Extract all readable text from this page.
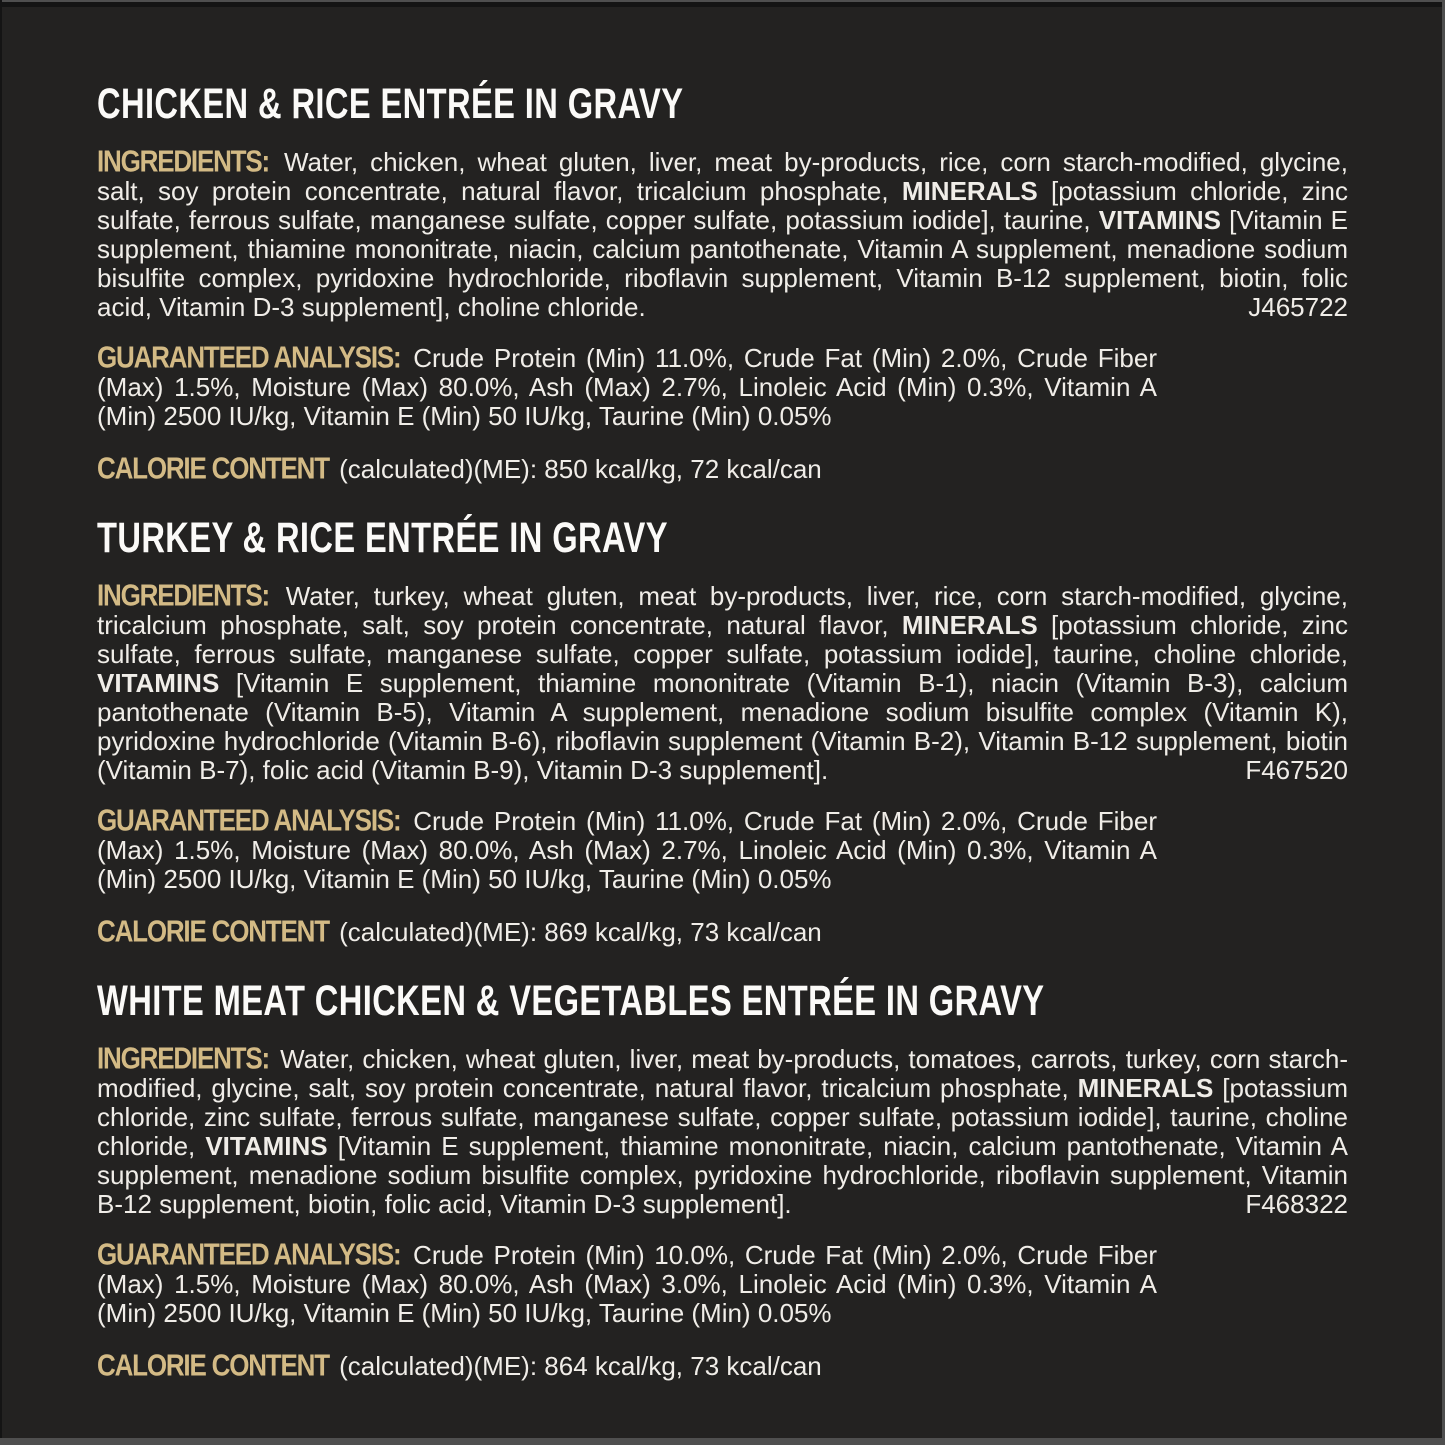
CHICKEN & RICE ENTRÉE IN GRAVY

INGREDIENTS: Water, chicken, wheat gluten, liver, meat by-products, rice, corn starch-modified, glycine, salt, soy protein concentrate, natural flavor, tricalcium phosphate, MINERALS [potassium chloride, zinc sulfate, ferrous sulfate, manganese sulfate, copper sulfate, potassium iodide], taurine, VITAMINS [Vitamin E supplement, thiamine mononitrate, niacin, calcium pantothenate, Vitamin A supplement, menadione sodium bisulfite complex, pyridoxine hydrochloride, riboflavin supplement, Vitamin B-12 supplement, biotin, folic acid, Vitamin D-3 supplement], choline chloride.	J465722

GUARANTEED ANALYSIS: Crude Protein (Min) 11.0%, Crude Fat (Min) 2.0%, Crude Fiber (Max) 1.5%, Moisture (Max) 80.0%, Ash (Max) 2.7%, Linoleic Acid (Min) 0.3%, Vitamin A (Min) 2500 IU/kg, Vitamin E (Min) 50 IU/kg, Taurine (Min) 0.05%

CALORIE CONTENT (calculated)(ME): 850 kcal/kg, 72 kcal/can

TURKEY & RICE ENTRÉE IN GRAVY

INGREDIENTS: Water, turkey, wheat gluten, meat by-products, liver, rice, corn starch-modified, glycine, tricalcium phosphate, salt, soy protein concentrate, natural flavor, MINERALS [potassium chloride, zinc sulfate, ferrous sulfate, manganese sulfate, copper sulfate, potassium iodide], taurine, choline chloride, VITAMINS [Vitamin E supplement, thiamine mononitrate (Vitamin B-1), niacin (Vitamin B-3), calcium pantothenate (Vitamin B-5), Vitamin A supplement, menadione sodium bisulfite complex (Vitamin K), pyridoxine hydrochloride (Vitamin B-6), riboflavin supplement (Vitamin B-2), Vitamin B-12 supplement, biotin (Vitamin B-7), folic acid (Vitamin B-9), Vitamin D-3 supplement].	F467520

GUARANTEED ANALYSIS: Crude Protein (Min) 11.0%, Crude Fat (Min) 2.0%, Crude Fiber (Max) 1.5%, Moisture (Max) 80.0%, Ash (Max) 2.7%, Linoleic Acid (Min) 0.3%, Vitamin A (Min) 2500 IU/kg, Vitamin E (Min) 50 IU/kg, Taurine (Min) 0.05%

CALORIE CONTENT (calculated)(ME): 869 kcal/kg, 73 kcal/can

WHITE MEAT CHICKEN & VEGETABLES ENTRÉE IN GRAVY

INGREDIENTS: Water, chicken, wheat gluten, liver, meat by-products, tomatoes, carrots, turkey, corn starch-modified, glycine, salt, soy protein concentrate, natural flavor, tricalcium phosphate, MINERALS [potassium chloride, zinc sulfate, ferrous sulfate, manganese sulfate, copper sulfate, potassium iodide], taurine, choline chloride, VITAMINS [Vitamin E supplement, thiamine mononitrate, niacin, calcium pantothenate, Vitamin A supplement, menadione sodium bisulfite complex, pyridoxine hydrochloride, riboflavin supplement, Vitamin B-12 supplement, biotin, folic acid, Vitamin D-3 supplement].	F468322

GUARANTEED ANALYSIS: Crude Protein (Min) 10.0%, Crude Fat (Min) 2.0%, Crude Fiber (Max) 1.5%, Moisture (Max) 80.0%, Ash (Max) 3.0%, Linoleic Acid (Min) 0.3%, Vitamin A (Min) 2500 IU/kg, Vitamin E (Min) 50 IU/kg, Taurine (Min) 0.05%

CALORIE CONTENT (calculated)(ME): 864 kcal/kg, 73 kcal/can
